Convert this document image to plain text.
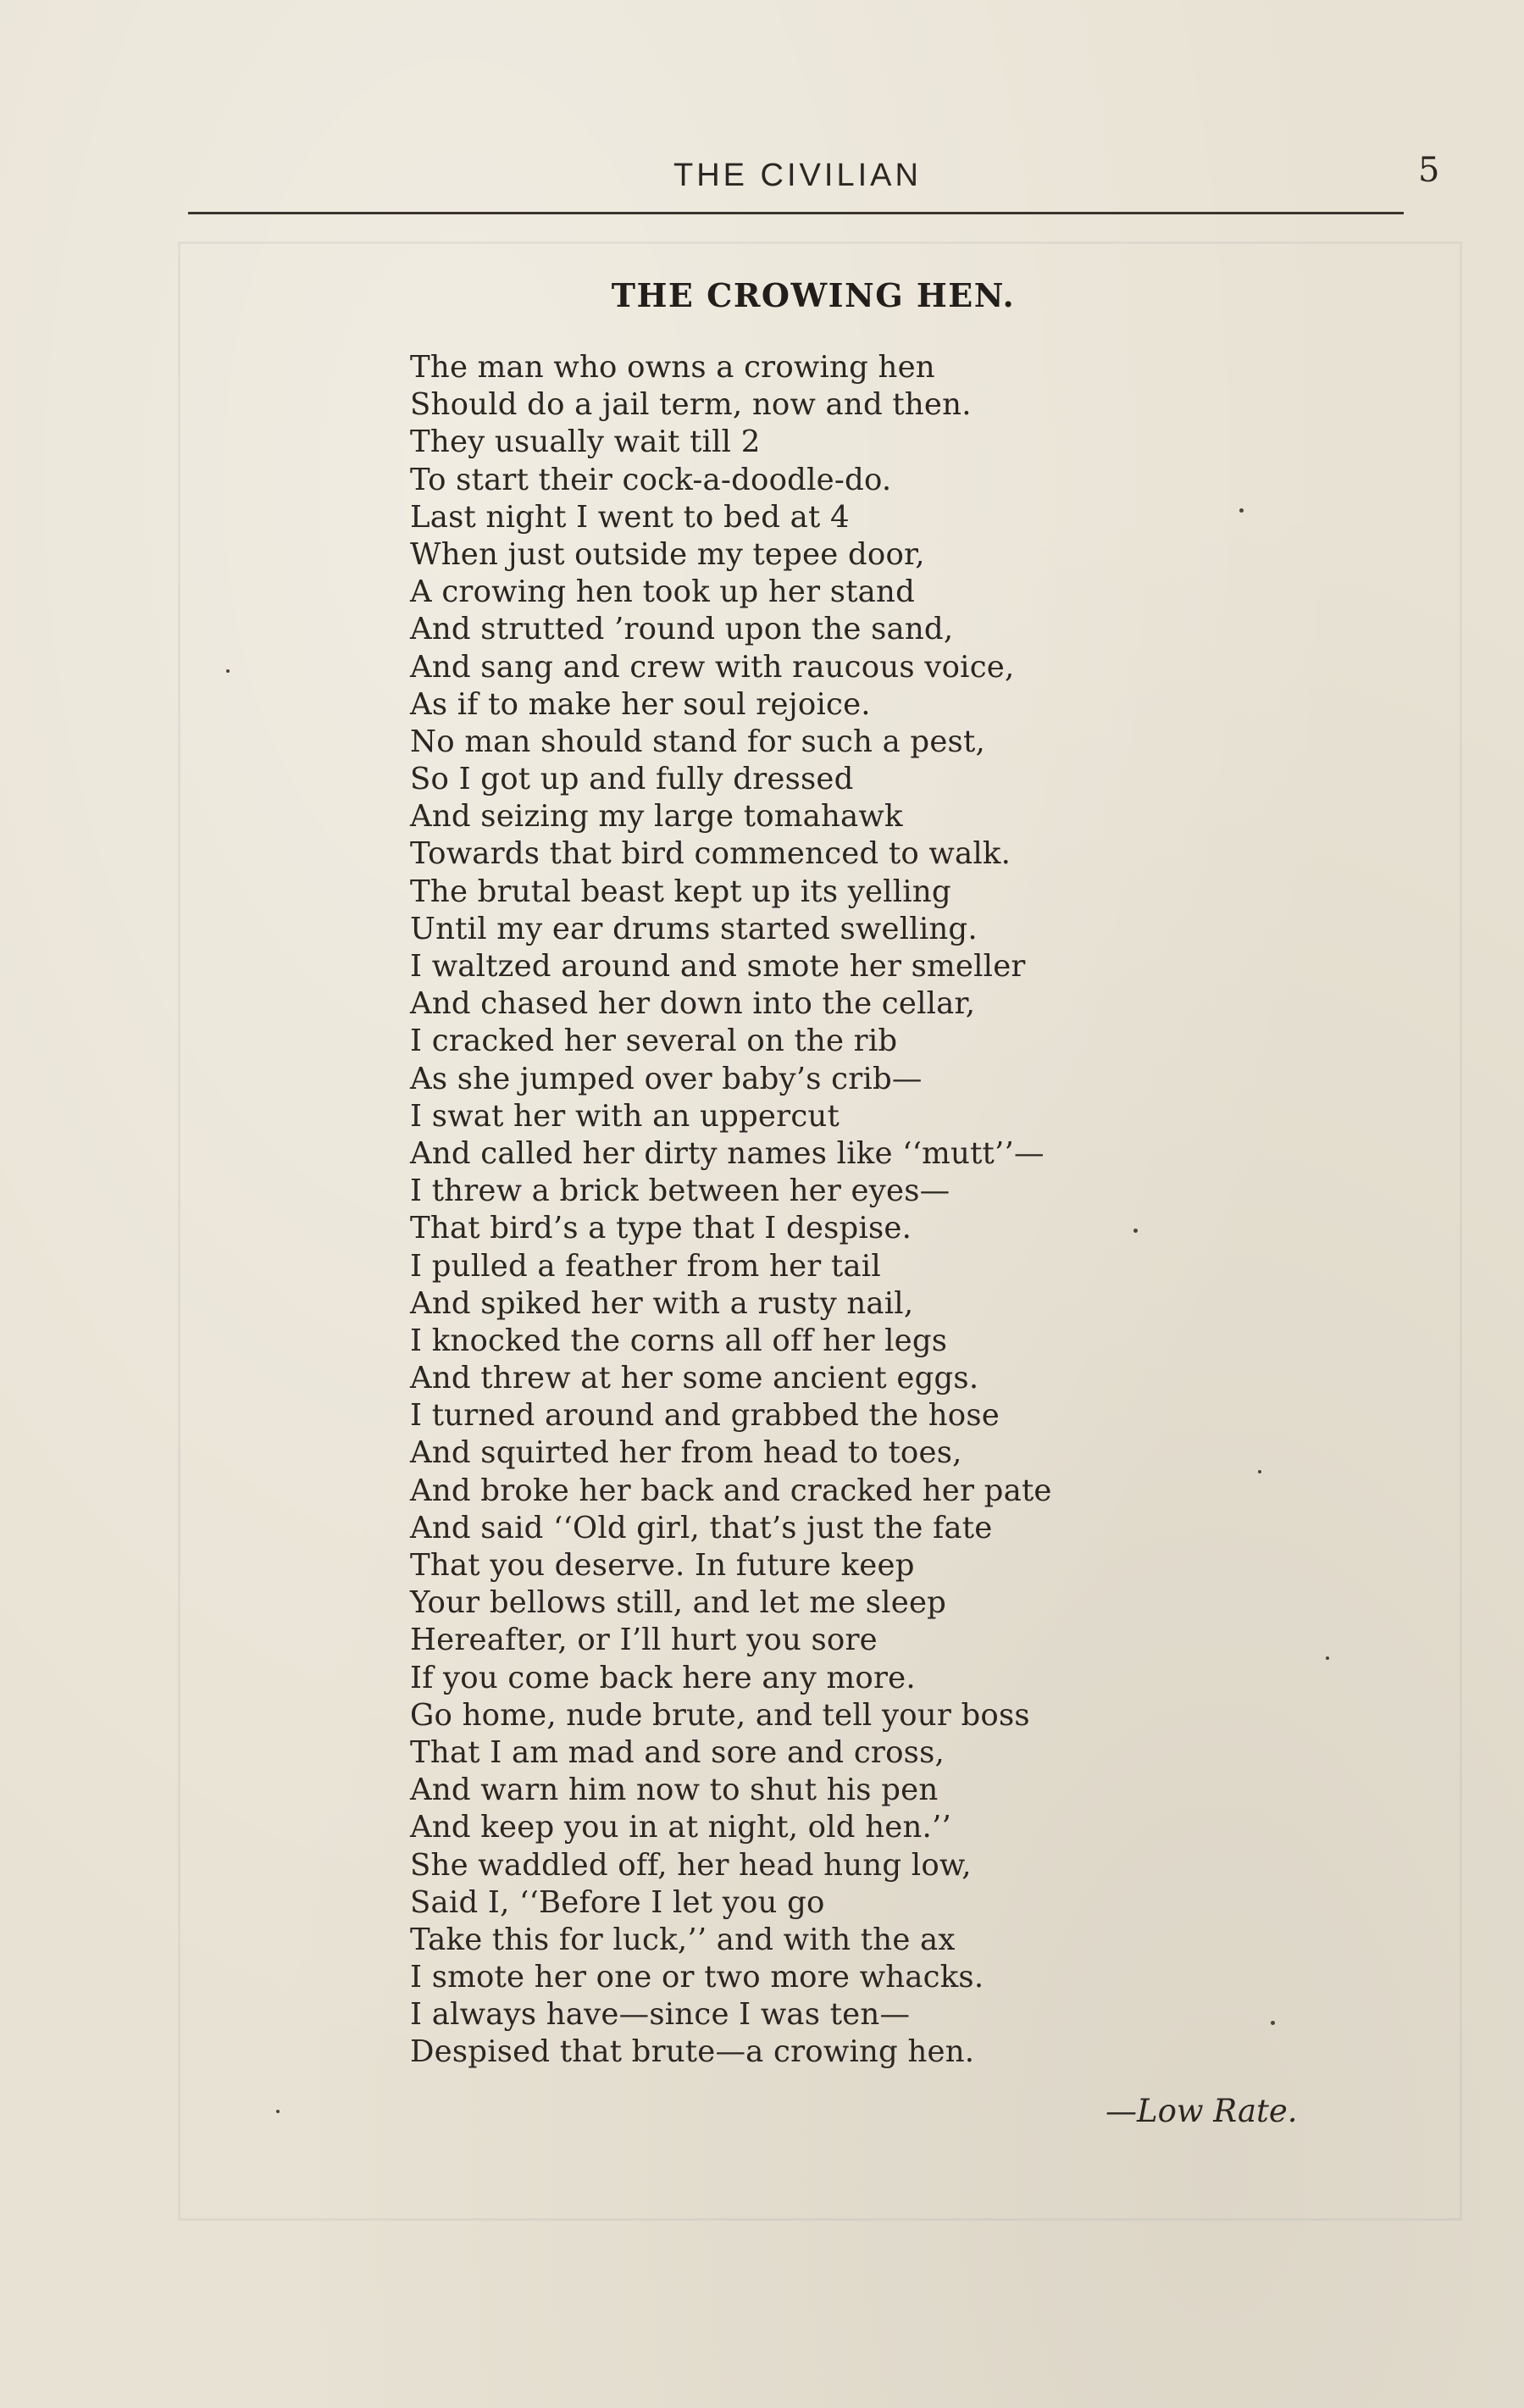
THE CIVILIAN	5
THE CROWING HEN.
The man who owns a crowing hen
Should do a jail term, now and then.
They usually wait till 2
To start their cock-a-doodle-do.
Last night I went to bed at 4
When just outside my tepee door,
A crowing hen took up her stand
And strutted ’round upon the sand,
And sang and crew with raucous voice,
As if to make her soul rejoice.
No man should stand for such a pest,
So I got up and fully dressed
And seizing my large tomahawk
Towards that bird commenced to walk.
The brutal beast kept up its yelling
Until my ear drums started swelling.
I waltzed around and smote her smeller
And chased her down into the cellar,
I cracked her several on the rib
As she jumped over baby’s crib—
I swat her with an uppercut
And called her dirty names like ‘‘mutt’’—
I threw a brick between her eyes—
That bird’s a type that I despise.
I pulled a feather from her tail
And spiked her with a rusty nail,
I knocked the corns all off her legs
And threw at her some ancient eggs.
I turned around and grabbed the hose
And squirted her from head to toes,
And broke her back and cracked her pate
And said ‘‘Old girl, that’s just the fate
That you deserve. In future keep
Your bellows still, and let me sleep
Hereafter, or I’ll hurt you sore
If you come back here any more.
Go home, nude brute, and tell your boss
That I am mad and sore and cross,
And warn him now to shut his pen
And keep you in at night, old hen.’’
She waddled off, her head hung low,
Said I, ‘‘Before I let you go
Take this for luck,’’ and with the ax
I smote her one or two more whacks.
I always have—since I was ten—
Despised that brute—a crowing hen.
—Low Rate.
